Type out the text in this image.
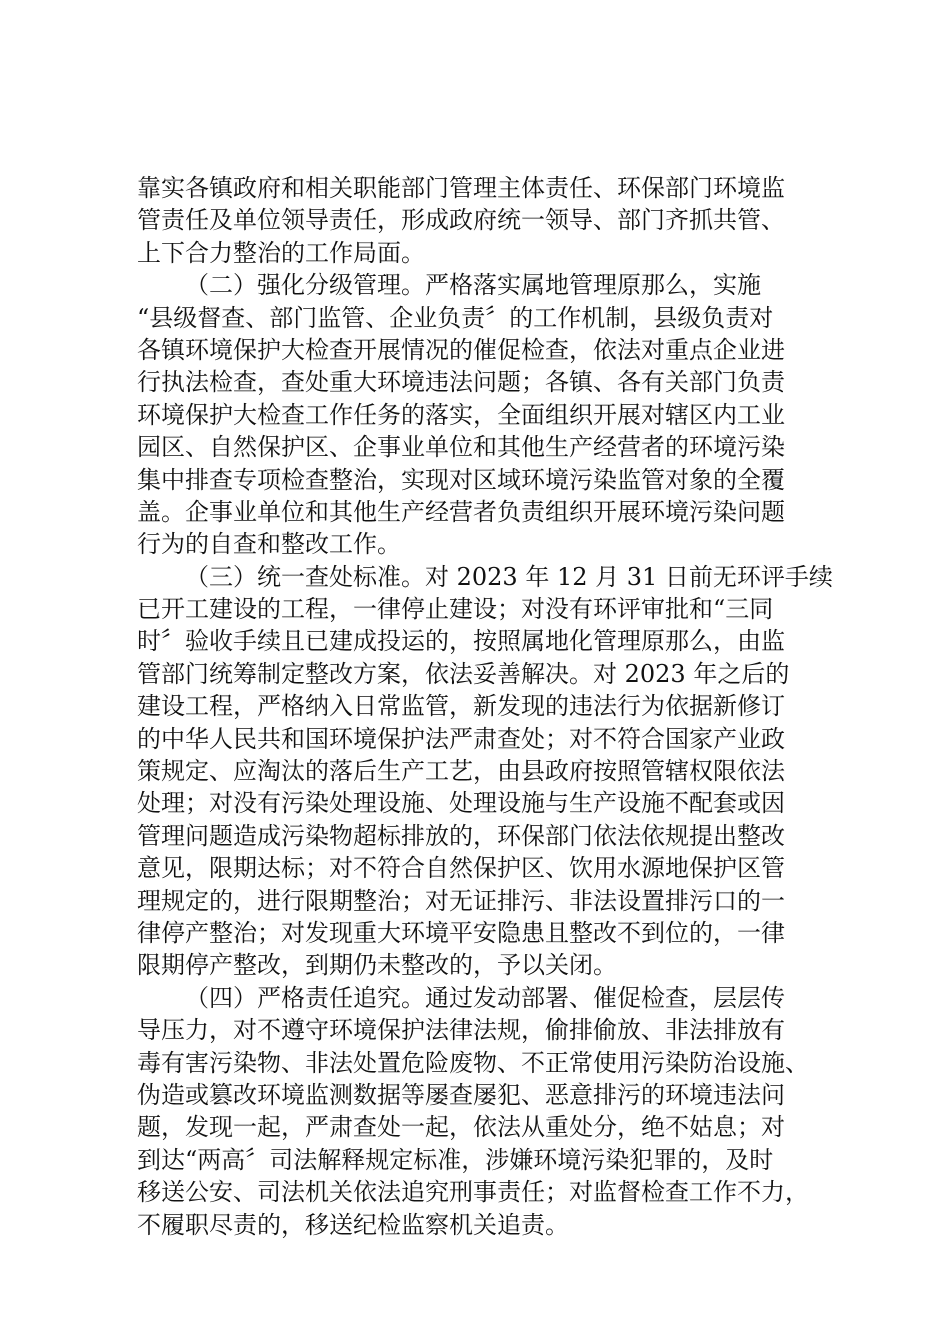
靠实各镇政府和相关职能部门管理主体责任、环保部门环境监
管责任及单位领导责任，形成政府统一领导、部门齐抓共管、
上下合力整治的工作局面。
（二）强化分级管理。严格落实属地管理原那么，实施
“县级督查、部门监管、企业负责〞的工作机制，县级负责对
各镇环境保护大检查开展情况的催促检查，依法对重点企业进
行执法检查，查处重大环境违法问题；各镇、各有关部门负责
环境保护大检查工作任务的落实，全面组织开展对辖区内工业
园区、自然保护区、企事业单位和其他生产经营者的环境污染
集中排查专项检查整治，实现对区域环境污染监管对象的全覆
盖。企事业单位和其他生产经营者负责组织开展环境污染问题
行为的自查和整改工作。
（三）统一查处标准。对 2023 年 12 月 31 日前无环评手续
已开工建设的工程，一律停止建设；对没有环评审批和“三同
时〞验收手续且已建成投运的，按照属地化管理原那么，由监
管部门统筹制定整改方案，依法妥善解决。对 2023 年之后的
建设工程，严格纳入日常监管，新发现的违法行为依据新修订
的中华人民共和国环境保护法严肃查处；对不符合国家产业政
策规定、应淘汰的落后生产工艺，由县政府按照管辖权限依法
处理；对没有污染处理设施、处理设施与生产设施不配套或因
管理问题造成污染物超标排放的，环保部门依法依规提出整改
意见，限期达标；对不符合自然保护区、饮用水源地保护区管
理规定的，进行限期整治；对无证排污、非法设置排污口的一
律停产整治；对发现重大环境平安隐患且整改不到位的，一律
限期停产整改，到期仍未整改的，予以关闭。
（四）严格责任追究。通过发动部署、催促检查，层层传
导压力，对不遵守环境保护法律法规，偷排偷放、非法排放有
毒有害污染物、非法处置危险废物、不正常使用污染防治设施、
伪造或篡改环境监测数据等屡查屡犯、恶意排污的环境违法问
题，发现一起，严肃查处一起，依法从重处分，绝不姑息；对
到达“两高〞司法解释规定标准，涉嫌环境污染犯罪的，及时
移送公安、司法机关依法追究刑事责任；对监督检查工作不力，
不履职尽责的，移送纪检监察机关追责。
